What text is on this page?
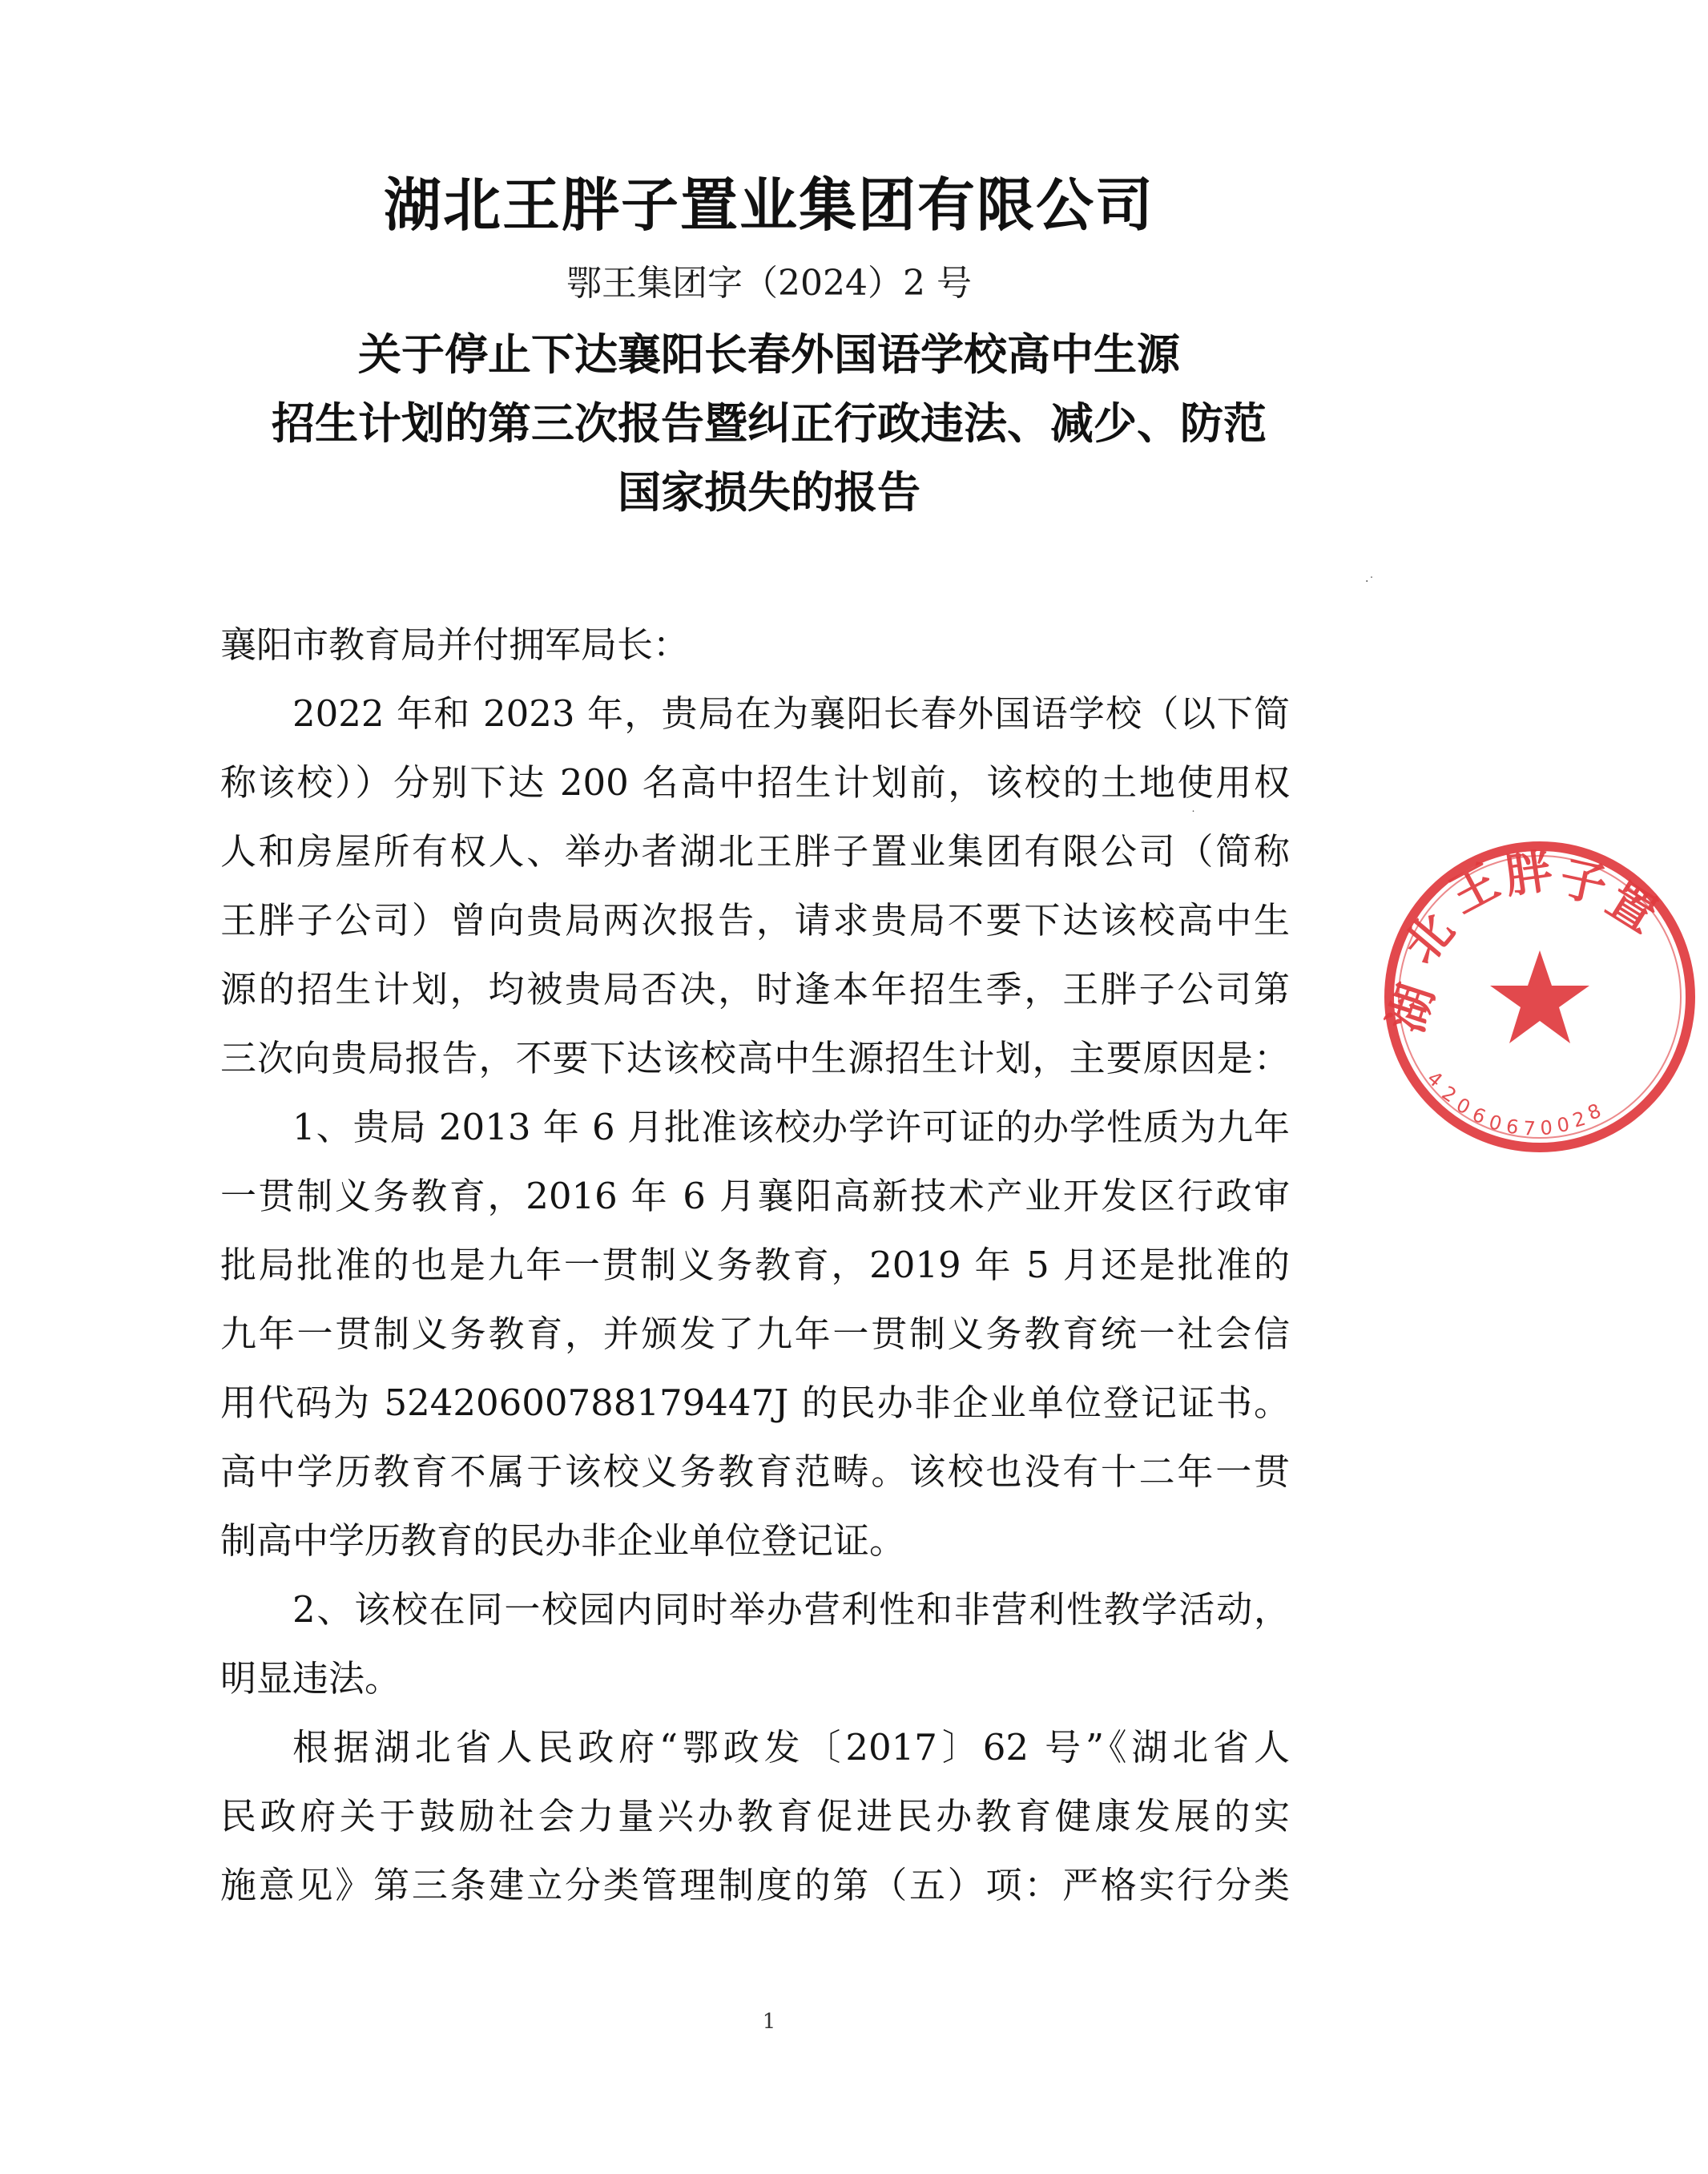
湖北王胖子置业集团有限公司
鄂王集团字（2024）2 号
关于停止下达襄阳长春外国语学校高中生源
招生计划的第三次报告暨纠正行政违法、减少、防范
国家损失的报告
襄阳市教育局并付拥军局长：
2022 年和 2023 年，贵局在为襄阳长春外国语学校（以下简
称该校））分别下达 200 名高中招生计划前，该校的土地使用权
人和房屋所有权人、举办者湖北王胖子置业集团有限公司（简称
王胖子公司）曾向贵局两次报告，请求贵局不要下达该校高中生
源的招生计划，均被贵局否决，时逢本年招生季，王胖子公司第
三次向贵局报告，不要下达该校高中生源招生计划，主要原因是：
1、贵局 2013 年 6 月批准该校办学许可证的办学性质为九年
一贯制义务教育，2016 年 6 月襄阳高新技术产业开发区行政审
批局批准的也是九年一贯制义务教育，2019 年 5 月还是批准的
九年一贯制义务教育，并颁发了九年一贯制义务教育统一社会信
用代码为 52420600788179447J 的民办非企业单位登记证书。
高中学历教育不属于该校义务教育范畴。该校也没有十二年一贯
制高中学历教育的民办非企业单位登记证。
2、该校在同一校园内同时举办营利性和非营利性教学活动，
明显违法。
根据湖北省人民政府“鄂政发〔2017〕62 号”《湖北省人
民政府关于鼓励社会力量兴办教育促进民办教育健康发展的实
施意见》第三条建立分类管理制度的第（五）项：严格实行分类
湖
北
王
胖 子
置
4
2
0
6
0 6 7 0 0
2
8
·˙
˙
1
